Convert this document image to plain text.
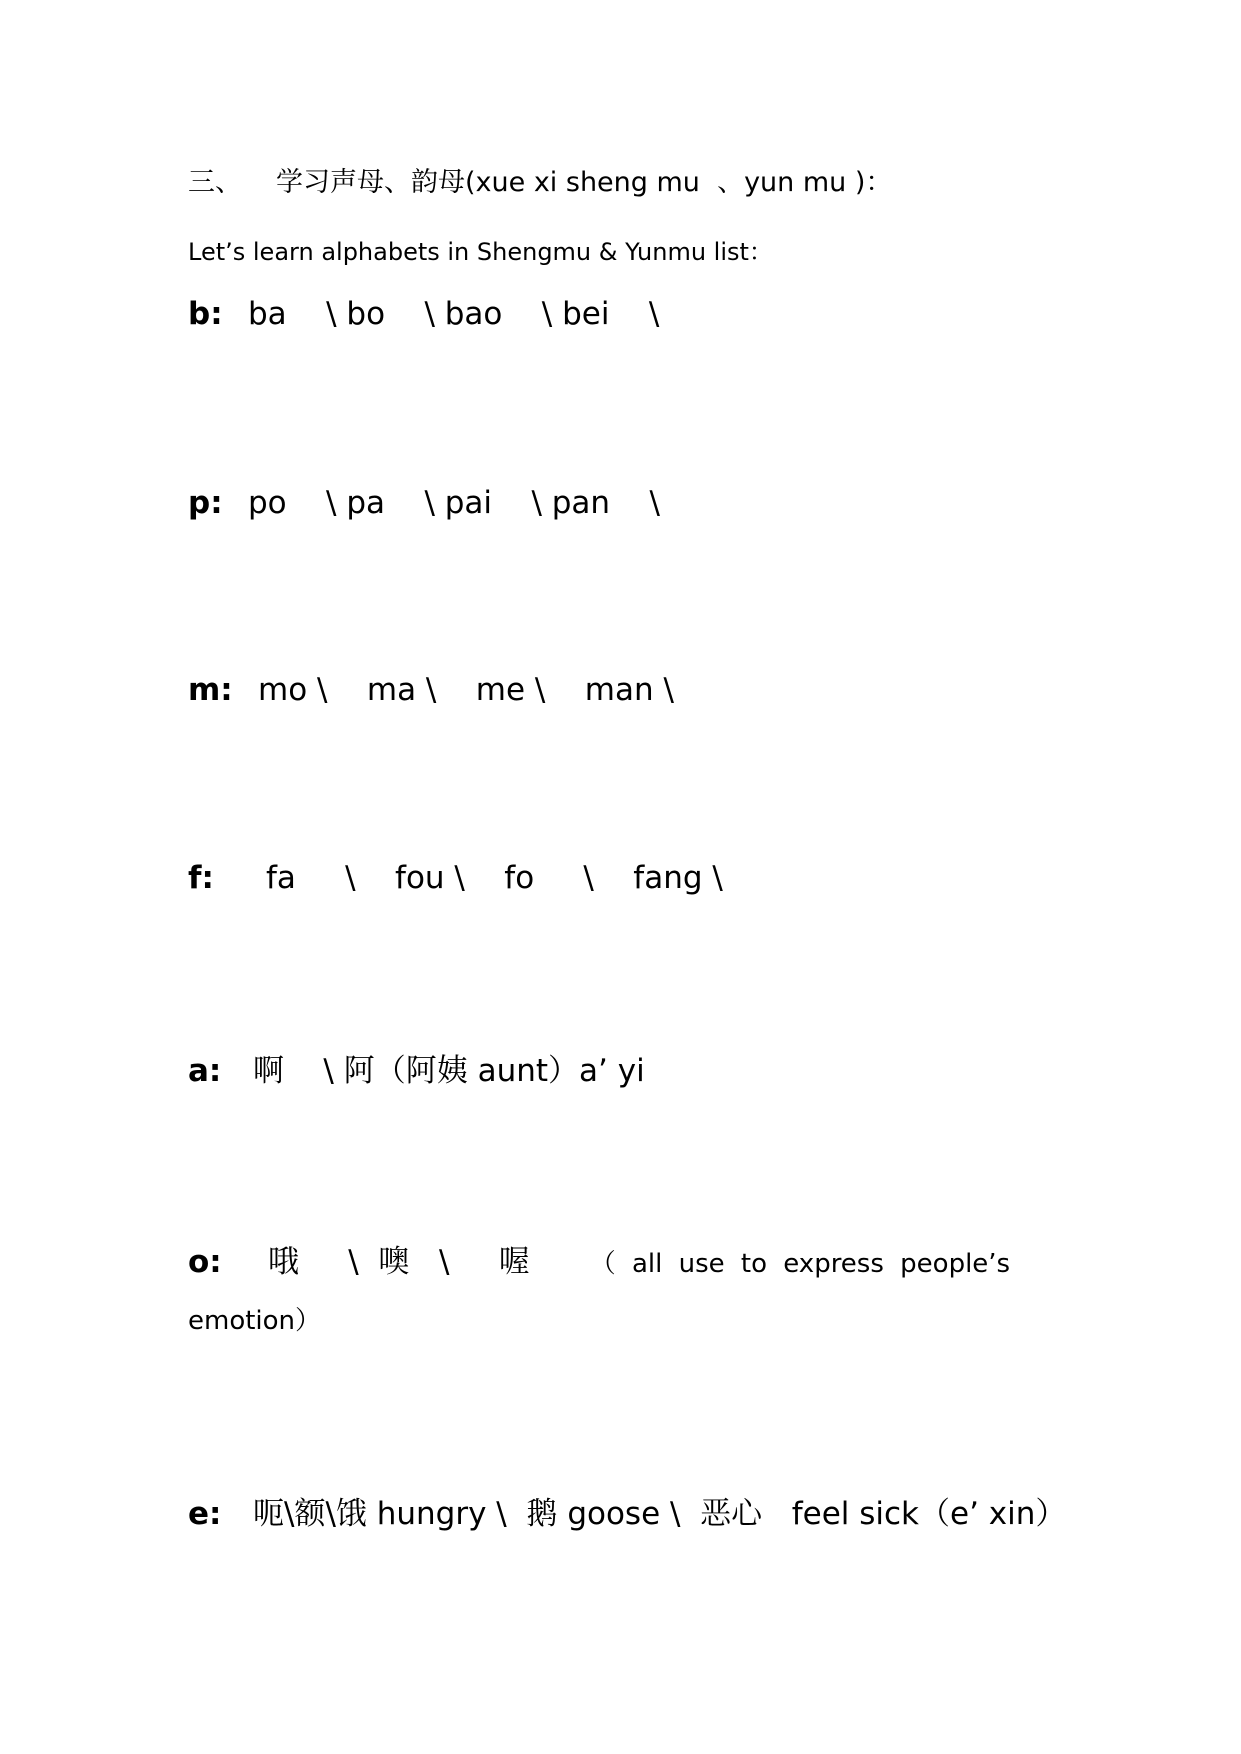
三、 学习声母、韵母(xue xi sheng mu  、yun mu )：
Let’s learn alphabets in Shengmu & Yunmu list：
b: ba    \ bo    \ bao    \ bei    \
p: po    \ pa    \ pai    \ pan    \
m: mo \    ma \    me \    man \
f: fa     \    fou \    fo     \    fang \
a: 啊    \ 阿（阿姨 aunt）a’ yi
o: 哦     \  噢   \     喔 （ all use to express people’s
emotion）
e: 呃\额\饿 hungry \  鹅 goose \  恶心   feel sick（e’ xin）
